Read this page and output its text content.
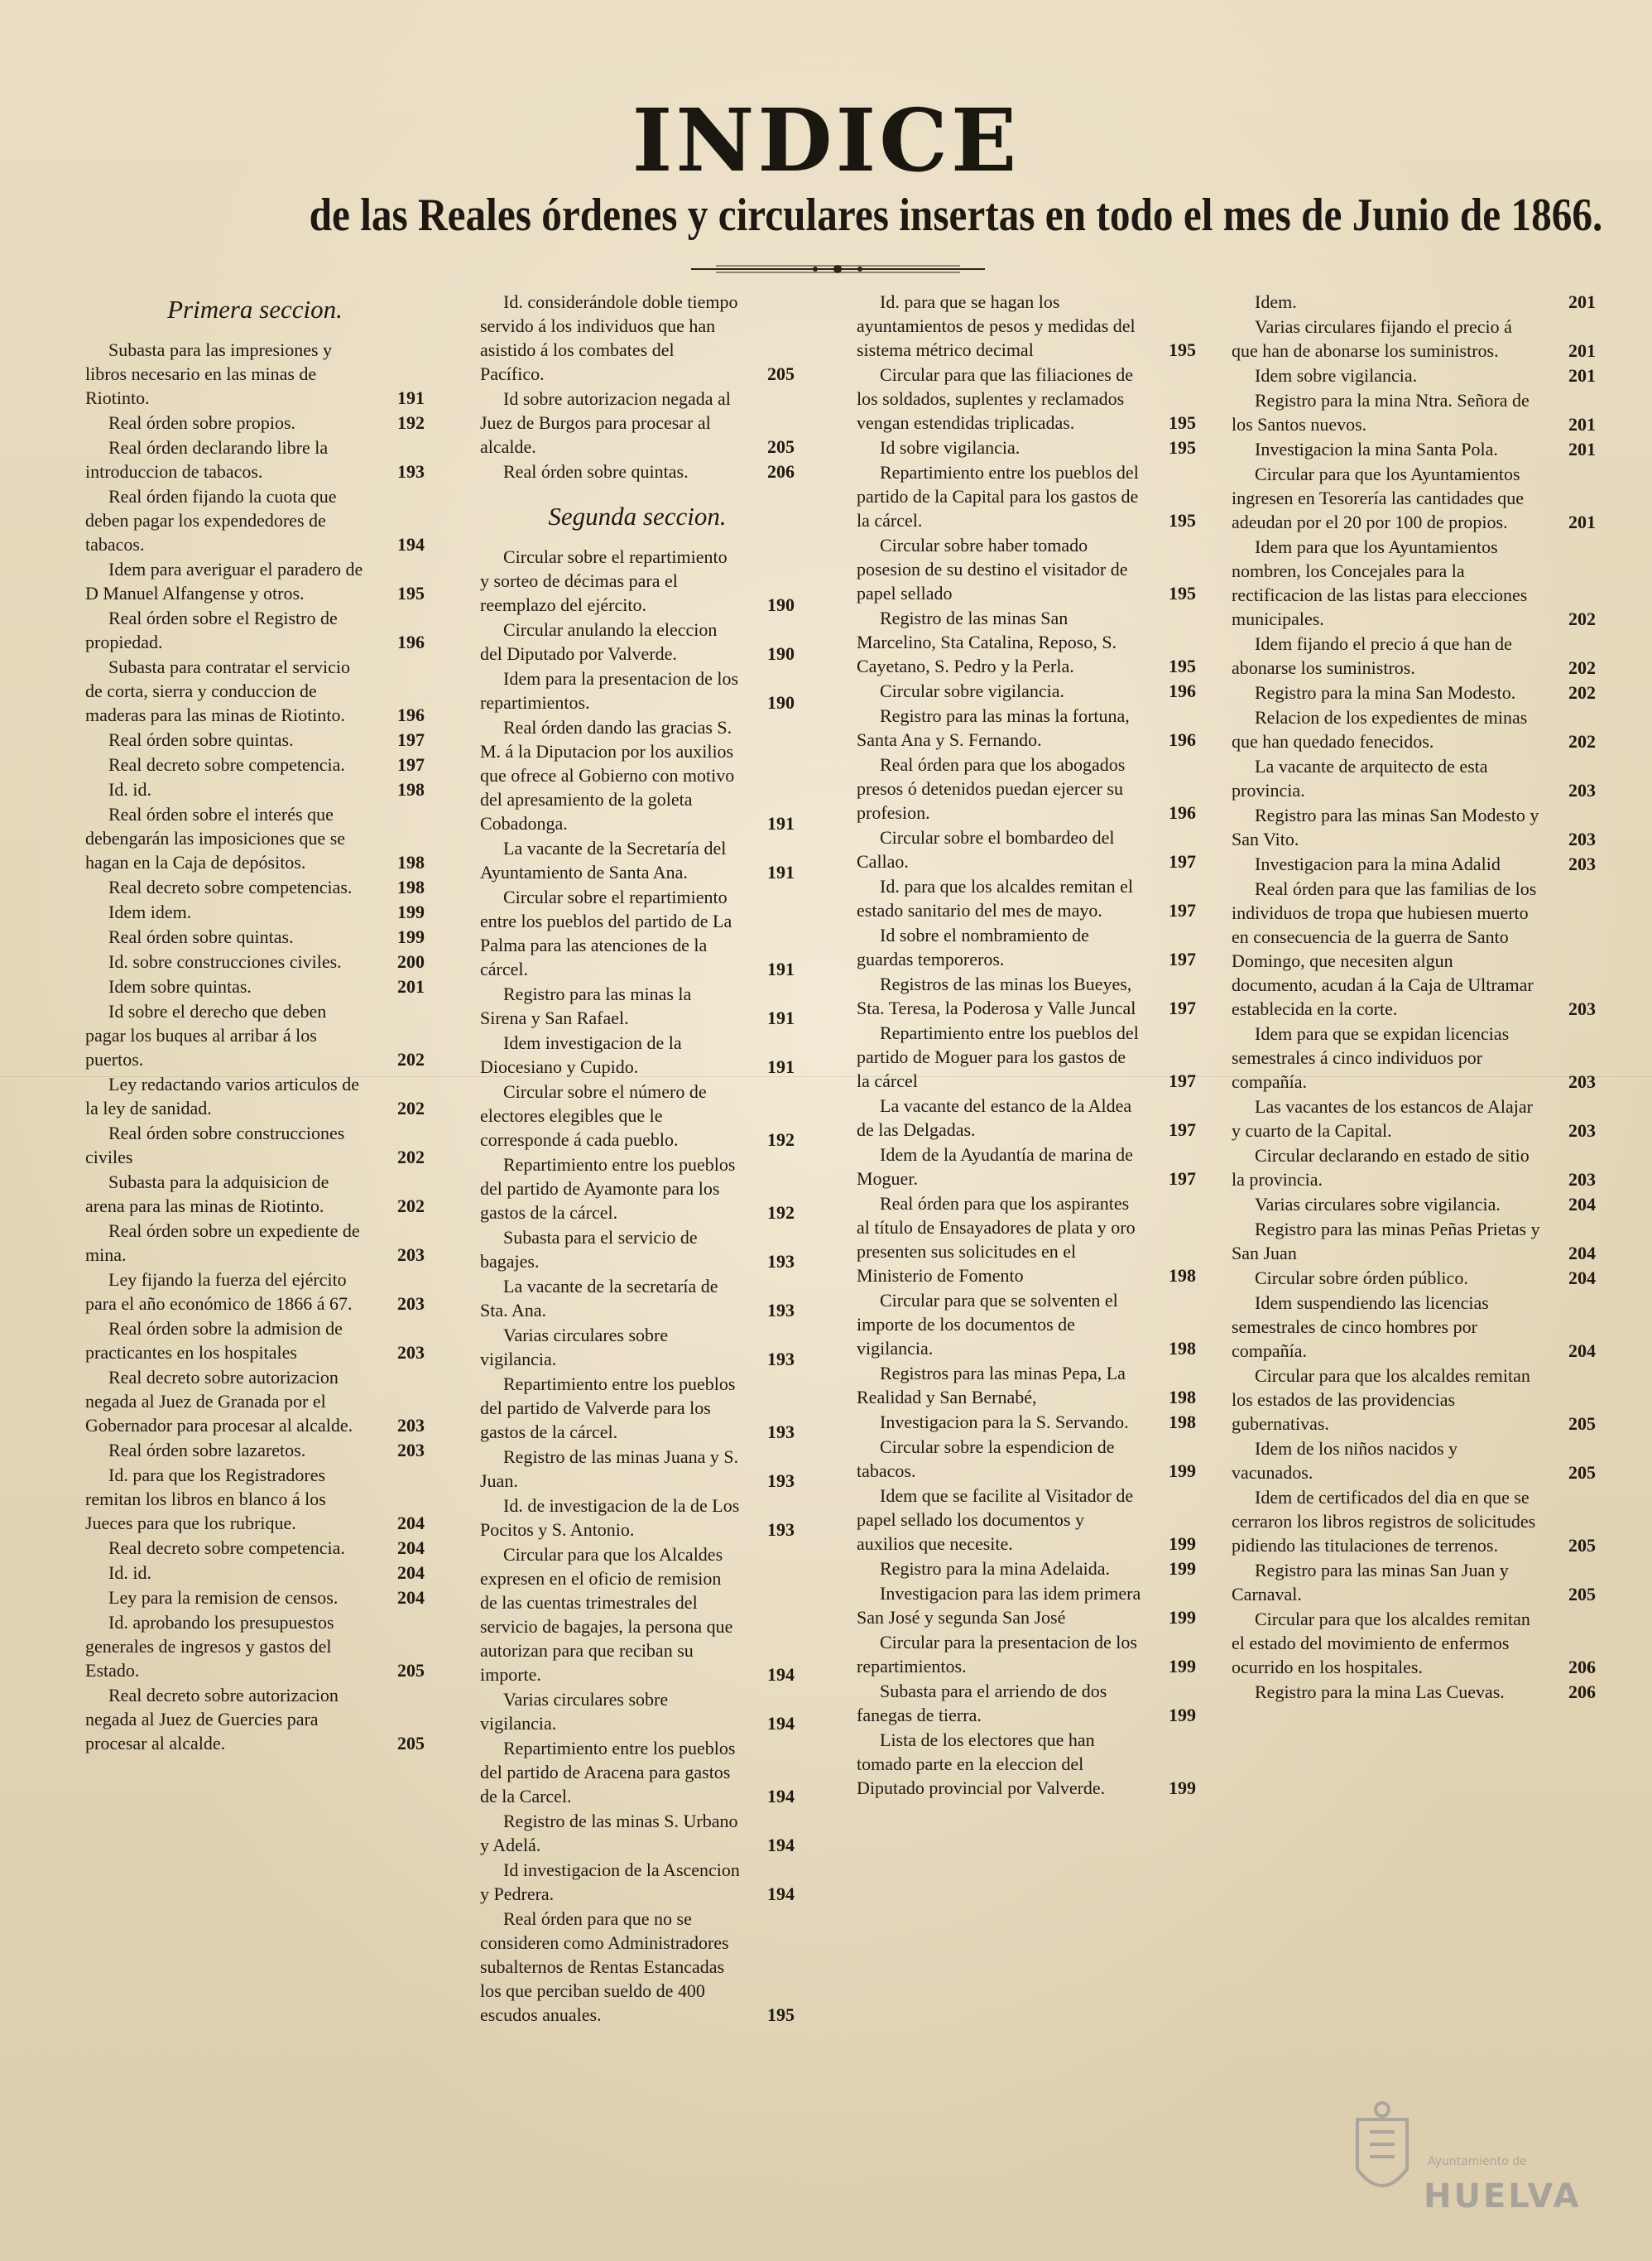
INDICE
de las Reales órdenes y circulares insertas en todo el mes de Junio de 1866.
Primera seccion.
Subasta para las impresiones y libros necesario en las minas de Riotinto.	191
Real órden sobre propios.	192
Real órden declarando libre la introduccion de tabacos.	193
Real órden fijando la cuota que deben pagar los expendedores de tabacos.	194
Idem para averiguar el paradero de D Manuel Alfangense y otros.	195
Real órden sobre el Registro de propiedad.	196
Subasta para contratar el servicio de corta, sierra y conduccion de maderas para las minas de Riotinto.	196
Real órden sobre quintas.	197
Real decreto sobre competencia.	197
Id. id.	198
Real órden sobre el interés que debengarán las imposiciones que se hagan en la Caja de depósitos.	198
Real decreto sobre competencias.	198
Idem idem.	199
Real órden sobre quintas.	199
Id. sobre construcciones civiles.	200
Idem sobre quintas.	201
Id sobre el derecho que deben pagar los buques al arribar á los puertos.	202
Ley redactando varios articulos de la ley de sanidad.	202
Real órden sobre construcciones civiles	202
Subasta para la adquisicion de arena para las minas de Riotinto.	202
Real órden sobre un expediente de mina.	203
Ley fijando la fuerza del ejército para el año económico de 1866 á 67.	203
Real órden sobre la admision de practicantes en los hospitales	203
Real decreto sobre autorizacion negada al Juez de Granada por el Gobernador para procesar al alcalde.	203
Real órden sobre lazaretos.	203
Id. para que los Registradores remitan los libros en blanco á los Jueces para que los rubrique.	204
Real decreto sobre competencia.	204
Id. id.	204
Ley para la remision de censos.	204
Id. aprobando los presupuestos generales de ingresos y gastos del Estado.	205
Real decreto sobre autorizacion negada al Juez de Guercies para procesar al alcalde.	205
Id. considerándole doble tiempo servido á los individuos que han asistido á los combates del Pacífico.	205
Id sobre autorizacion negada al Juez de Burgos para procesar al alcalde.	205
Real órden sobre quintas.	206
Segunda seccion.
Circular sobre el repartimiento y sorteo de décimas para el reemplazo del ejército.	190
Circular anulando la eleccion del Diputado por Valverde.	190
Idem para la presentacion de los repartimientos.	190
Real órden dando las gracias S. M. á la Diputacion por los auxilios que ofrece al Gobierno con motivo del apresamiento de la goleta Cobadonga.	191
La vacante de la Secretaría del Ayuntamiento de Santa Ana.	191
Circular sobre el repartimiento entre los pueblos del partido de La Palma para las atenciones de la cárcel.	191
Registro para las minas la Sirena y San Rafael.	191
Idem investigacion de la Diocesiano y Cupido.	191
Circular sobre el número de electores elegibles que le corresponde á cada pueblo.	192
Repartimiento entre los pueblos del partido de Ayamonte para los gastos de la cárcel.	192
Subasta para el servicio de bagajes.	193
La vacante de la secretaría de Sta. Ana.	193
Varias circulares sobre vigilancia.	193
Repartimiento entre los pueblos del partido de Valverde para los gastos de la cárcel.	193
Registro de las minas Juana y S. Juan.	193
Id. de investigacion de la de Los Pocitos y S. Antonio.	193
Circular para que los Alcaldes expresen en el oficio de remision de las cuentas trimestrales del servicio de bagajes, la persona que autorizan para que reciban su importe.	194
Varias circulares sobre vigilancia.	194
Repartimiento entre los pueblos del partido de Aracena para gastos de la Carcel.	194
Registro de las minas S. Urbano y Adelá.	194
Id investigacion de la Ascencion y Pedrera.	194
Real órden para que no se consideren como Administradores subalternos de Rentas Estancadas los que perciban sueldo de 400 escudos anuales.	195
Id. para que se hagan los ayuntamientos de pesos y medidas del sistema métrico decimal	195
Circular para que las filiaciones de los soldados, suplentes y reclamados vengan estendidas triplicadas.	195
Id sobre vigilancia.	195
Repartimiento entre los pueblos del partido de la Capital para los gastos de la cárcel.	195
Circular sobre haber tomado posesion de su destino el visitador de papel sellado	195
Registro de las minas San Marcelino, Sta Catalina, Reposo, S. Cayetano, S. Pedro y la Perla.	195
Circular sobre vigilancia.	196
Registro para las minas la fortuna, Santa Ana y S. Fernando.	196
Real órden para que los abogados presos ó detenidos puedan ejercer su profesion.	196
Circular sobre el bombardeo del Callao.	197
Id. para que los alcaldes remitan el estado sanitario del mes de mayo.	197
Id sobre el nombramiento de guardas temporeros.	197
Registros de las minas los Bueyes, Sta. Teresa, la Poderosa y Valle Juncal	197
Repartimiento entre los pueblos del partido de Moguer para los gastos de la cárcel	197
La vacante del estanco de la Aldea de las Delgadas.	197
Idem de la Ayudantía de marina de Moguer.	197
Real órden para que los aspirantes al título de Ensayadores de plata y oro presenten sus solicitudes en el Ministerio de Fomento	198
Circular para que se solventen el importe de los documentos de vigilancia.	198
Registros para las minas Pepa, La Realidad y San Bernabé,	198
Investigacion para la S. Servando.	198
Circular sobre la espendicion de tabacos.	199
Idem que se facilite al Visitador de papel sellado los documentos y auxilios que necesite.	199
Registro para la mina Adelaida.	199
Investigacion para las idem primera San José y segunda San José	199
Circular para la presentacion de los repartimientos.	199
Subasta para el arriendo de dos fanegas de tierra.	199
Lista de los electores que han tomado parte en la eleccion del Diputado provincial por Valverde.	199
Idem.	201
Varias circulares fijando el precio á que han de abonarse los suministros.	201
Idem sobre vigilancia.	201
Registro para la mina Ntra. Señora de los Santos nuevos.	201
Investigacion la mina Santa Pola.	201
Circular para que los Ayuntamientos ingresen en Tesorería las cantidades que adeudan por el 20 por 100 de propios.	201
Idem para que los Ayuntamientos nombren, los Concejales para la rectificacion de las listas para elecciones municipales.	202
Idem fijando el precio á que han de abonarse los suministros.	202
Registro para la mina San Modesto.	202
Relacion de los expedientes de minas que han quedado fenecidos.	202
La vacante de arquitecto de esta provincia.	203
Registro para las minas San Modesto y San Vito.	203
Investigacion para la mina Adalid	203
Real órden para que las familias de los individuos de tropa que hubiesen muerto en consecuencia de la guerra de Santo Domingo, que necesiten algun documento, acudan á la Caja de Ultramar establecida en la corte.	203
Idem para que se expidan licencias semestrales á cinco individuos por compañía.	203
Las vacantes de los estancos de Alajar y cuarto de la Capital.	203
Circular declarando en estado de sitio la provincia.	203
Varias circulares sobre vigilancia.	204
Registro para las minas Peñas Prietas y San Juan	204
Circular sobre órden público.	204
Idem suspendiendo las licencias semestrales de cinco hombres por compañía.	204
Circular para que los alcaldes remitan los estados de las providencias gubernativas.	205
Idem de los niños nacidos y vacunados.	205
Idem de certificados del dia en que se cerraron los libros registros de solicitudes pidiendo las titulaciones de terrenos.	205
Registro para las minas San Juan y Carnaval.	205
Circular para que los alcaldes remitan el estado del movimiento de enfermos ocurrido en los hospitales.	206
Registro para la mina Las Cuevas.	206
Ayuntamiento de
HUELVA
